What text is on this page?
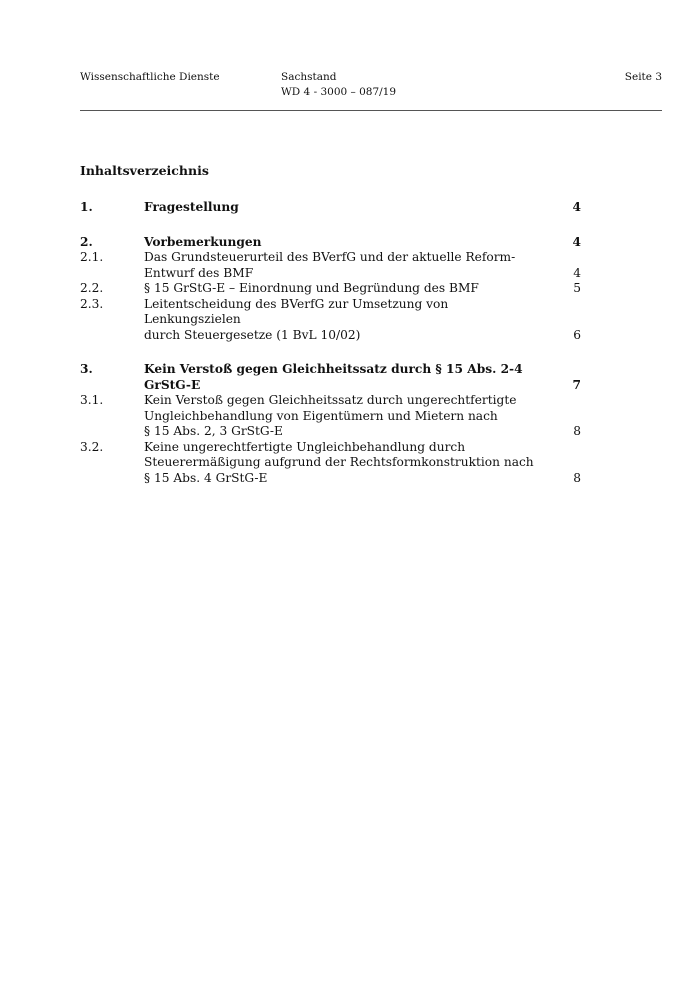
Wissenschaftliche Dienste	Sachstand
WD 4 - 3000 – 087/19
Seite 3
Inhaltsverzeichnis
1.	Fragestellung	4
2.	Vorbemerkungen	4
2.1.	Das Grundsteuerurteil des BVerfG und der aktuelle Reform-
Entwurf des BMF	4
2.2.	§ 15 GrStG-E – Einordnung und Begründung des BMF	5
2.3.	Leitentscheidung des BVerfG zur Umsetzung von Lenkungszielen
durch Steuergesetze (1 BvL 10/02)	6
3.	Kein Verstoß gegen Gleichheitssatz durch § 15 Abs. 2-4
GrStG-E	7
3.1.	Kein Verstoß gegen Gleichheitssatz durch ungerechtfertigte
Ungleichbehandlung von Eigentümern und Mietern nach
§ 15 Abs. 2, 3 GrStG-E	8
3.2.	Keine ungerechtfertigte Ungleichbehandlung durch
Steuerermäßigung aufgrund der Rechtsformkonstruktion nach
§ 15 Abs. 4 GrStG-E	8
